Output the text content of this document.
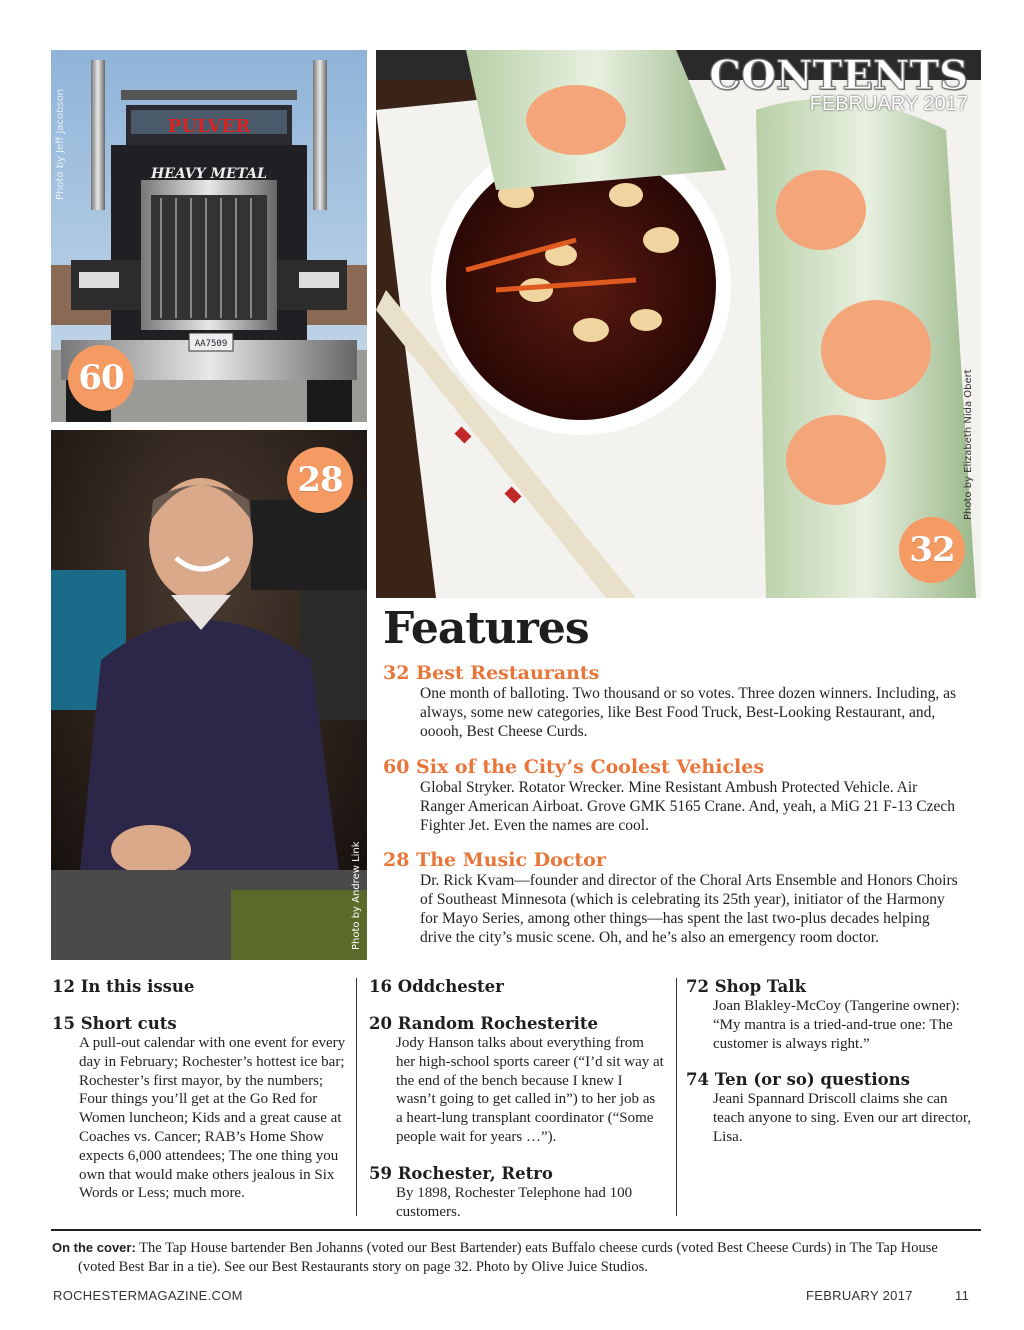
AA7509
PULVER
HEAVY METAL
Photo by Jeff Jacobson
60
Photo by Andrew Link
28	Photo by Elizabeth Nida Obert
32
CONTENTS
FEBRUARY 2017
Features
32 Best Restaurants
One month of balloting. Two thousand or so votes. Three dozen winners. Including, as always, some new categories, like Best Food Truck, Best-Looking Restaurant, and, ooooh, Best Cheese Curds.
60 Six of the City’s Coolest Vehicles
Global Stryker. Rotator Wrecker. Mine Resistant Ambush Protected Vehicle. Air Ranger American Airboat. Grove GMK 5165 Crane. And, yeah, a MiG 21 F-13 Czech Fighter Jet. Even the names are cool.
28 The Music Doctor
Dr. Rick Kvam—founder and director of the Choral Arts Ensemble and Honors Choirs of Southeast Minnesota (which is celebrating its 25th year), initiator of the Harmony for Mayo Series, among other things—has spent the last two-plus decades helping drive the city’s music scene. Oh, and he’s also an emergency room doctor.
12 In this issue
15 Short cuts
A pull-out calendar with one event for every day in February; Rochester’s hottest ice bar; Rochester’s first mayor, by the numbers; Four things you’ll get at the Go Red for Women luncheon; Kids and a great cause at Coaches vs. Cancer; RAB’s Home Show expects 6,000 attendees; The one thing you own that would make others jealous in Six Words or Less; much more.
16 Oddchester
20 Random Rochesterite
Jody Hanson talks about everything from her high-school sports career (“I’d sit way at the end of the bench because I knew I wasn’t going to get called in”) to her job as a heart-lung transplant coordinator (“Some people wait for years …”).
59 Rochester, Retro
By 1898, Rochester Telephone had 100 customers.
72 Shop Talk
Joan Blakley-McCoy (Tangerine owner): “My mantra is a tried-and-true one: The customer is always right.”
74 Ten (or so) questions
Jeani Spannard Driscoll claims she can teach anyone to sing. Even our art director, Lisa.
On the cover: The Tap House bartender Ben Johanns (voted our Best Bartender) eats Buffalo cheese curds (voted Best Cheese Curds) in The Tap House (voted Best Bar in a tie). See our Best Restaurants story on page 32. Photo by Olive Juice Studios.
ROCHESTERMAGAZINE.COM	FEBRUARY 2017	11
